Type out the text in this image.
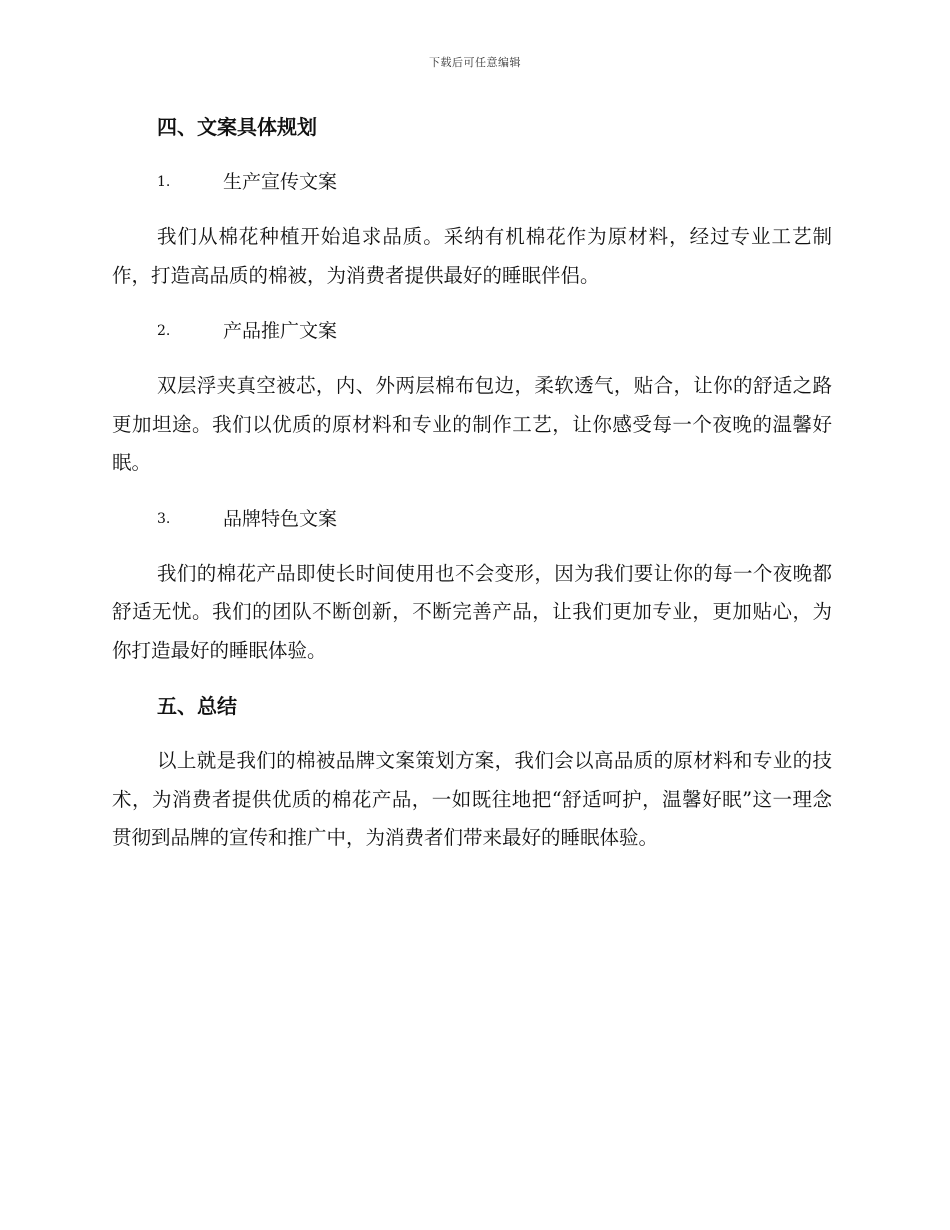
下载后可任意编辑
四、文案具体规划
1.	生产宣传文案

我们从棉花种植开始追求品质。采纳有机棉花作为原材料，经过专业工艺制作，打造高品质的棉被，为消费者提供最好的睡眠伴侣。

2.	产品推广文案

双层浮夹真空被芯，内、外两层棉布包边，柔软透气，贴合，让你的舒适之路更加坦途。我们以优质的原材料和专业的制作工艺，让你感受每一个夜晚的温馨好眠。

3.	品牌特色文案

我们的棉花产品即使长时间使用也不会变形，因为我们要让你的每一个夜晚都舒适无忧。我们的团队不断创新，不断完善产品，让我们更加专业，更加贴心，为你打造最好的睡眠体验。

五、总结

以上就是我们的棉被品牌文案策划方案，我们会以高品质的原材料和专业的技术，为消费者提供优质的棉花产品，一如既往地把“舒适呵护，温馨好眠”这一理念贯彻到品牌的宣传和推广中，为消费者们带来最好的睡眠体验。
